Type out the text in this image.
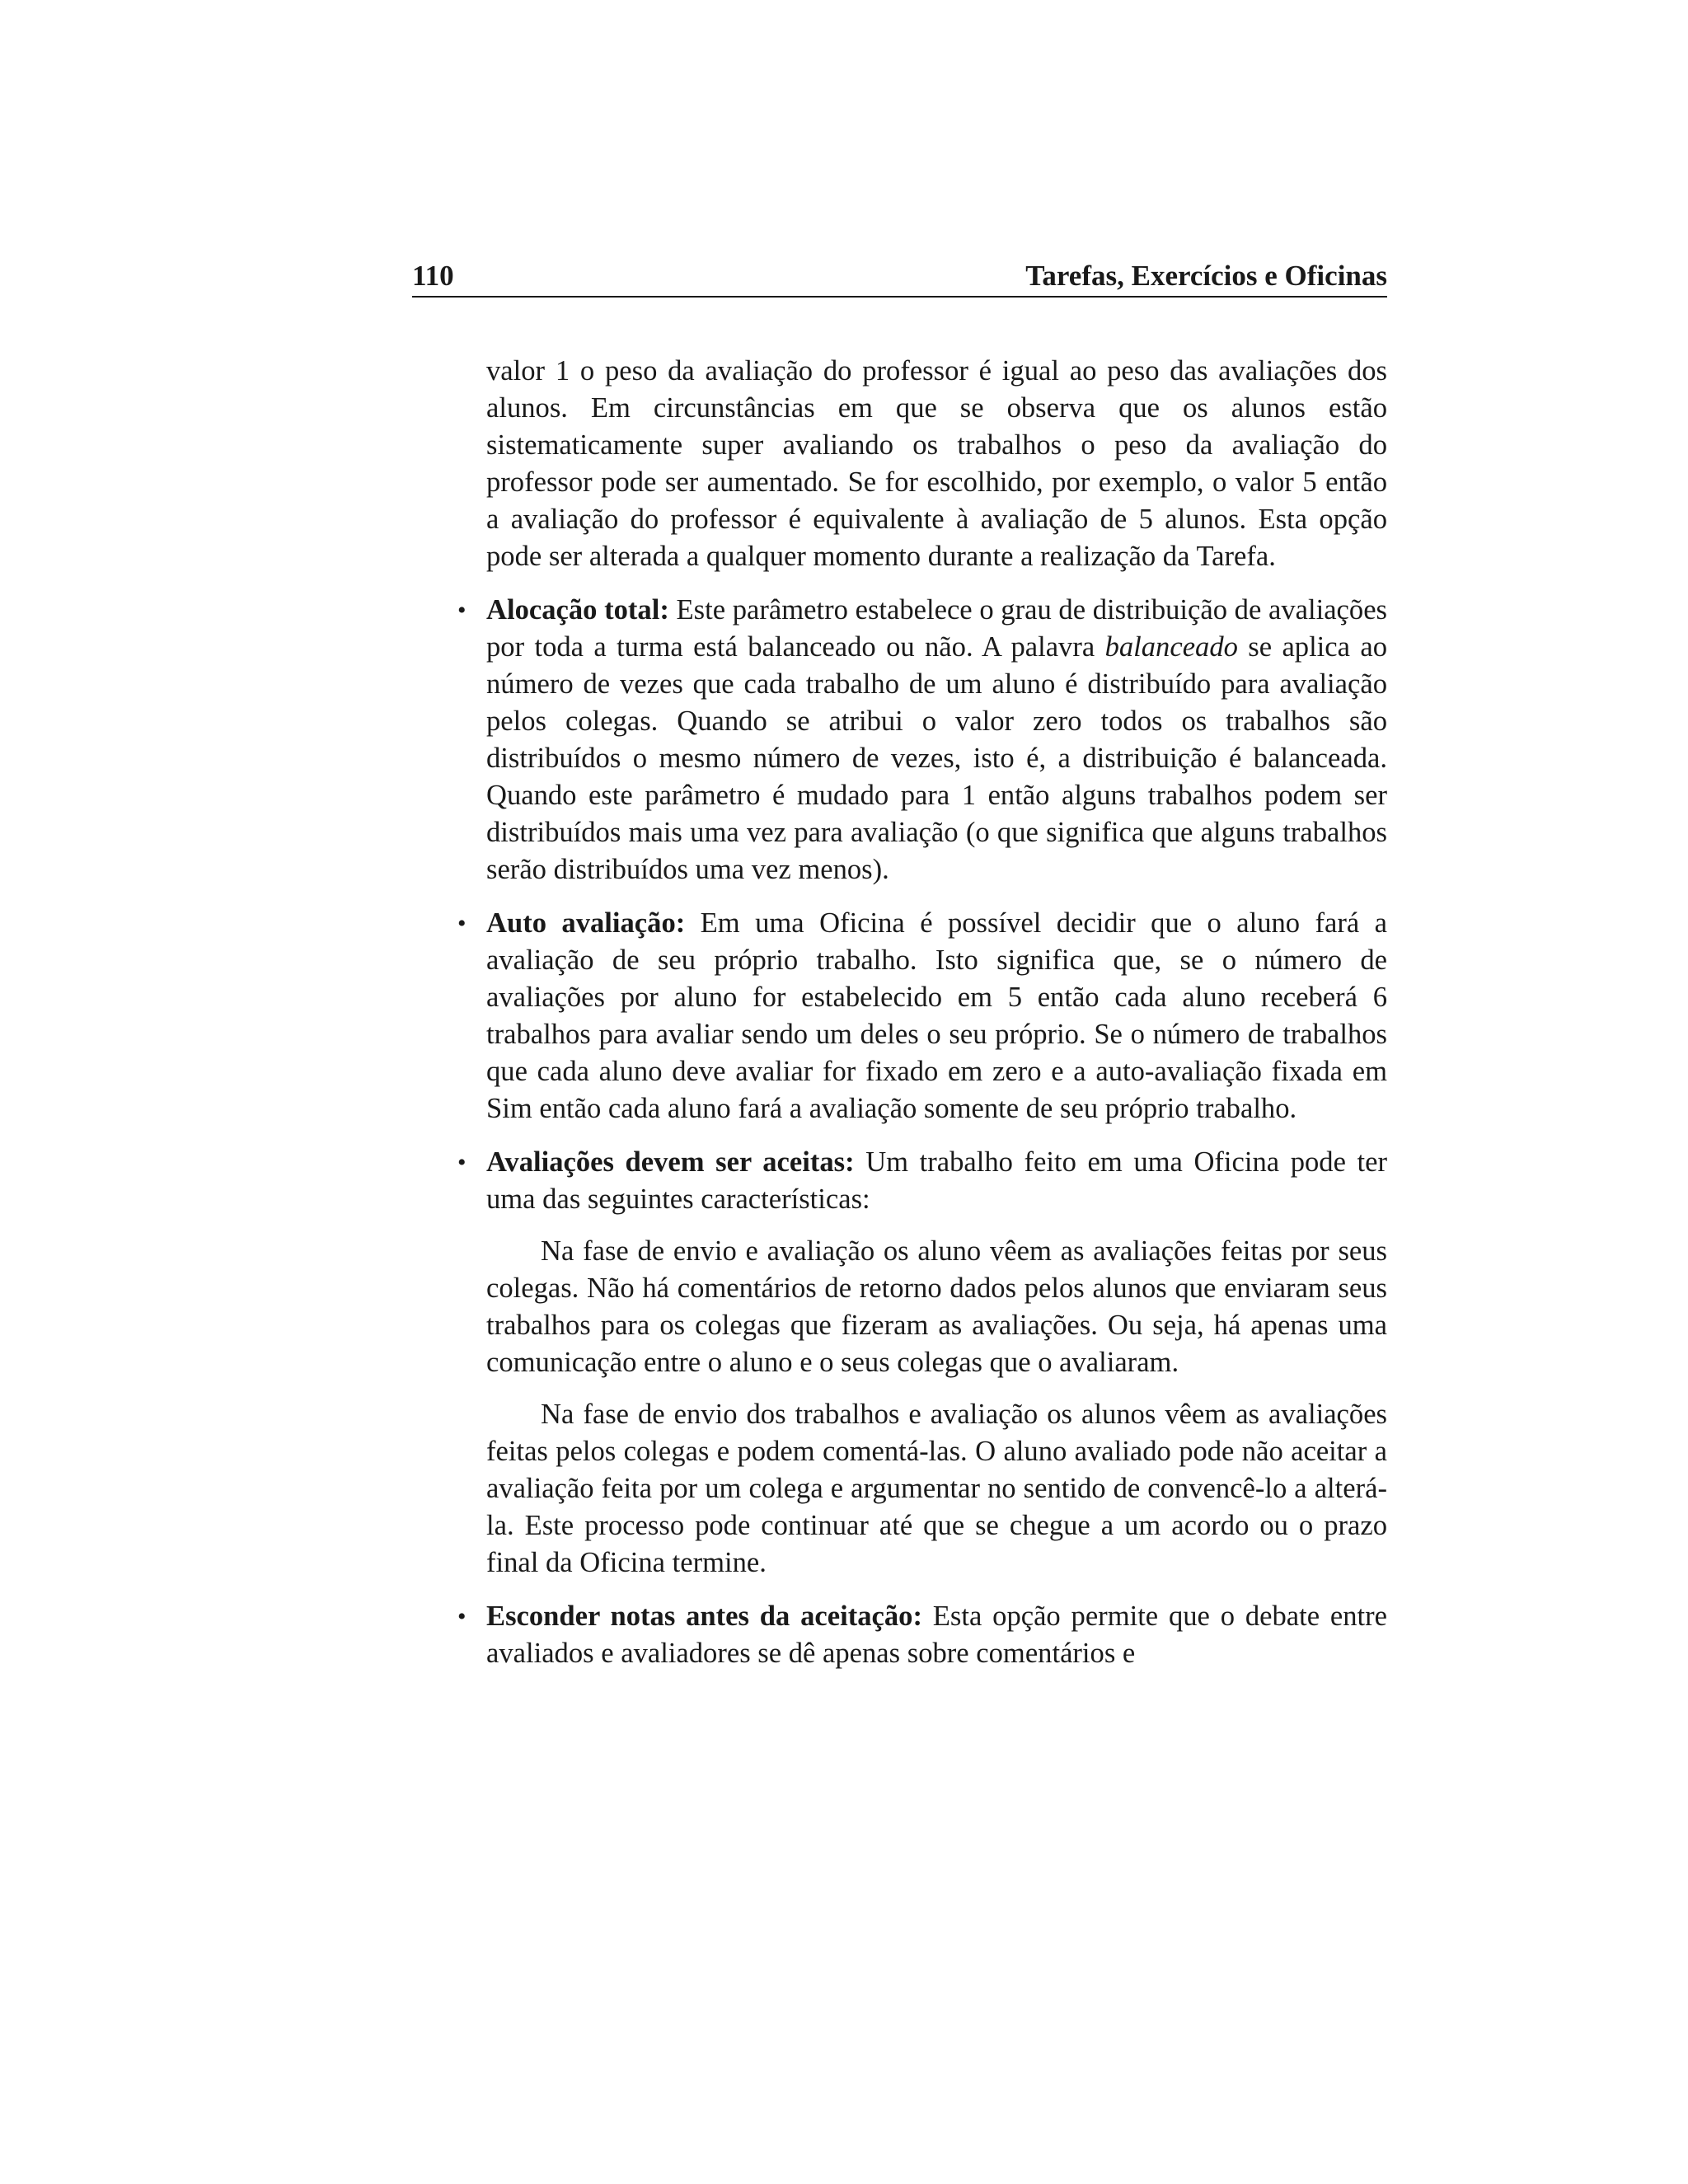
110	Tarefas, Exercícios e Oficinas

valor 1 o peso da avaliação do professor é igual ao peso das avaliações dos alunos. Em circunstâncias em que se observa que os alunos estão sistematicamente super avaliando os trabalhos o peso da avaliação do professor pode ser aumentado. Se for escolhido, por exemplo, o valor 5 então a avaliação do professor é equivalente à avaliação de 5 alunos. Esta opção pode ser alterada a qualquer momento durante a realização da Tarefa.

• Alocação total: Este parâmetro estabelece o grau de distribuição de avaliações por toda a turma está balanceado ou não. A palavra balanceado se aplica ao número de vezes que cada trabalho de um aluno é distribuído para avaliação pelos colegas. Quando se atribui o valor zero todos os trabalhos são distribuídos o mesmo número de vezes, isto é, a distribuição é balanceada. Quando este parâmetro é mudado para 1 então alguns trabalhos podem ser distribuídos mais uma vez para avaliação (o que significa que alguns trabalhos serão distribuídos uma vez menos).

• Auto avaliação: Em uma Oficina é possível decidir que o aluno fará a avaliação de seu próprio trabalho. Isto significa que, se o número de avaliações por aluno for estabelecido em 5 então cada aluno receberá 6 trabalhos para avaliar sendo um deles o seu próprio. Se o número de trabalhos que cada aluno deve avaliar for fixado em zero e a auto-avaliação fixada em Sim então cada aluno fará a avaliação somente de seu próprio trabalho.

• Avaliações devem ser aceitas: Um trabalho feito em uma Oficina pode ter uma das seguintes características:

Na fase de envio e avaliação os aluno vêem as avaliações feitas por seus colegas. Não há comentários de retorno dados pelos alunos que enviaram seus trabalhos para os colegas que fizeram as avaliações. Ou seja, há apenas uma comunicação entre o aluno e o seus colegas que o avaliaram.

Na fase de envio dos trabalhos e avaliação os alunos vêem as avaliações feitas pelos colegas e podem comentá-las. O aluno avaliado pode não aceitar a avaliação feita por um colega e argumentar no sentido de convencê-lo a alterá-la. Este processo pode continuar até que se chegue a um acordo ou o prazo final da Oficina termine.

• Esconder notas antes da aceitação: Esta opção permite que o debate entre avaliados e avaliadores se dê apenas sobre comentários e
